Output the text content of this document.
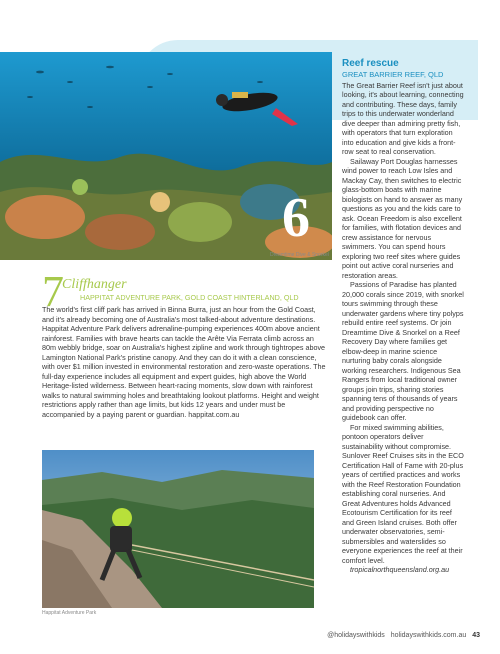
6
Dreamtime Dive & Snorkel
Reef rescue
GREAT BARRIER REEF, QLD

The Great Barrier Reef isn't just about looking, it's about learning, connecting and contributing. These days, family trips to this underwater wonderland dive deeper than admiring pretty fish, with operators that turn exploration into education and give kids a front-row seat to real conservation.

Sailaway Port Douglas harnesses wind power to reach Low Isles and Mackay Cay, then switches to electric glass-bottom boats with marine biologists on hand to answer as many questions as you and the kids care to ask. Ocean Freedom is also excellent for families, with flotation devices and crew assistance for nervous swimmers. You can spend hours exploring two reef sites where guides point out active coral nurseries and restoration areas.

Passions of Paradise has planted 20,000 corals since 2019, with snorkel tours swimming through these underwater gardens where tiny polyps rebuild entire reef systems. Or join Dreamtime Dive & Snorkel on a Reef Recovery Day where families get elbow-deep in marine science nurturing baby corals alongside working researchers. Indigenous Sea Rangers from local traditional owner groups join trips, sharing stories spanning tens of thousands of years and providing perspective no guidebook can offer.

For mixed swimming abilities, pontoon operators deliver sustainability without compromise. Sunlover Reef Cruises sits in the ECO Certification Hall of Fame with 20-plus years of certified practices and works with the Reef Restoration Foundation establishing coral nurseries. And Great Adventures holds Advanced Ecotourism Certification for its reef and Green Island cruises. Both offer underwater observatories, semi-submersibles and waterslides so everyone experiences the reef at their comfort level.

tropicalnorthqueensland.org.au

7
Cliffhanger
HAPPITAT ADVENTURE PARK, GOLD COAST HINTERLAND, QLD

The world's first cliff park has arrived in Binna Burra, just an hour from the Gold Coast, and it's already becoming one of Australia's most talked-about adventure destinations. Happitat Adventure Park delivers adrenaline-pumping experiences 400m above ancient rainforest. Families with brave hearts can tackle the Arête Via Ferrata climb across an 80m webbly bridge, soar on Australia's highest zipline and work through tightropes above Lamington National Park's pristine canopy. And they can do it with a clean conscience, with over $1 million invested in environmental restoration and zero-waste operations. The full-day experience includes all equipment and expert guides, high above the World Heritage-listed wilderness. Between heart-racing moments, slow down with rainforest walks to natural swimming holes and breathtaking lookout platforms. Height and weight restrictions apply rather than age limits, but kids 12 years and under must be accompanied by a paying parent or guardian. happitat.com.au

Happitat Adventure Park
@holidayswithkids holidayswithkids.com.au 43
